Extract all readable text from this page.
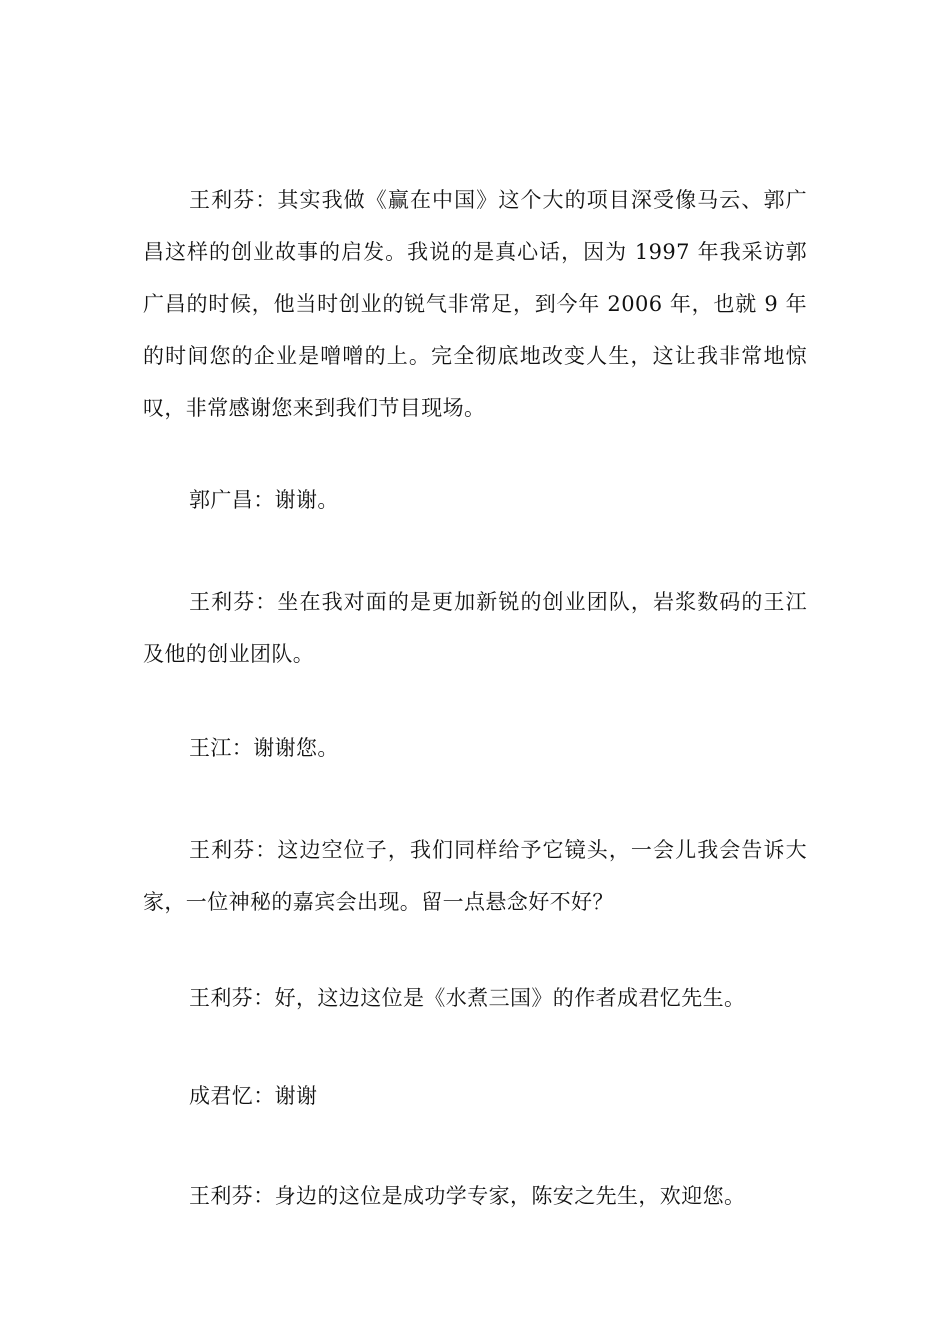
王利芬：其实我做《赢在中国》这个大的项目深受像马云、郭广昌这样的创业故事的启发。我说的是真心话，因为 1997 年我采访郭广昌的时候，他当时创业的锐气非常足，到今年 2006 年，也就 9 年的时间您的企业是噌噌的上。完全彻底地改变人生，这让我非常地惊叹，非常感谢您来到我们节目现场。

郭广昌：谢谢。

王利芬：坐在我对面的是更加新锐的创业团队，岩浆数码的王江及他的创业团队。

王江：谢谢您。

王利芬：这边空位子，我们同样给予它镜头，一会儿我会告诉大家，一位神秘的嘉宾会出现。留一点悬念好不好？

王利芬：好，这边这位是《水煮三国》的作者成君忆先生。

成君忆：谢谢

王利芬：身边的这位是成功学专家，陈安之先生，欢迎您。
